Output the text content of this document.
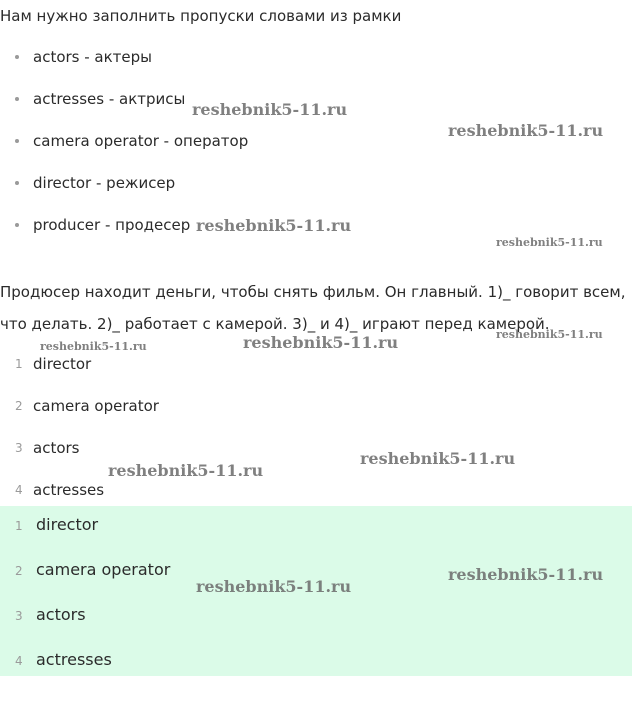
Нам нужно заполнить пропуски словами из рамки
actors - актеры
actresses - актрисы
camera operator - оператор
director - режисер
producer - продесер

Продюсер находит деньги, чтобы снять фильм. Он главный. 1)_ говорит всем, что делать. 2)_ работает с камерой. 3)_ и 4)_ играют перед камерой.

1 director
2 camera operator
3 actors
4 actresses
1 director
2 camera operator
3 actors
4 actresses
reshebnik5-11.ru
reshebnik5-11.ru
reshebnik5-11.ru
reshebnik5-11.ru
reshebnik5-11.ru
reshebnik5-11.ru	reshebnik5-11.ru
reshebnik5-11.ru
reshebnik5-11.ru
reshebnik5-11.ru
reshebnik5-11.ru
